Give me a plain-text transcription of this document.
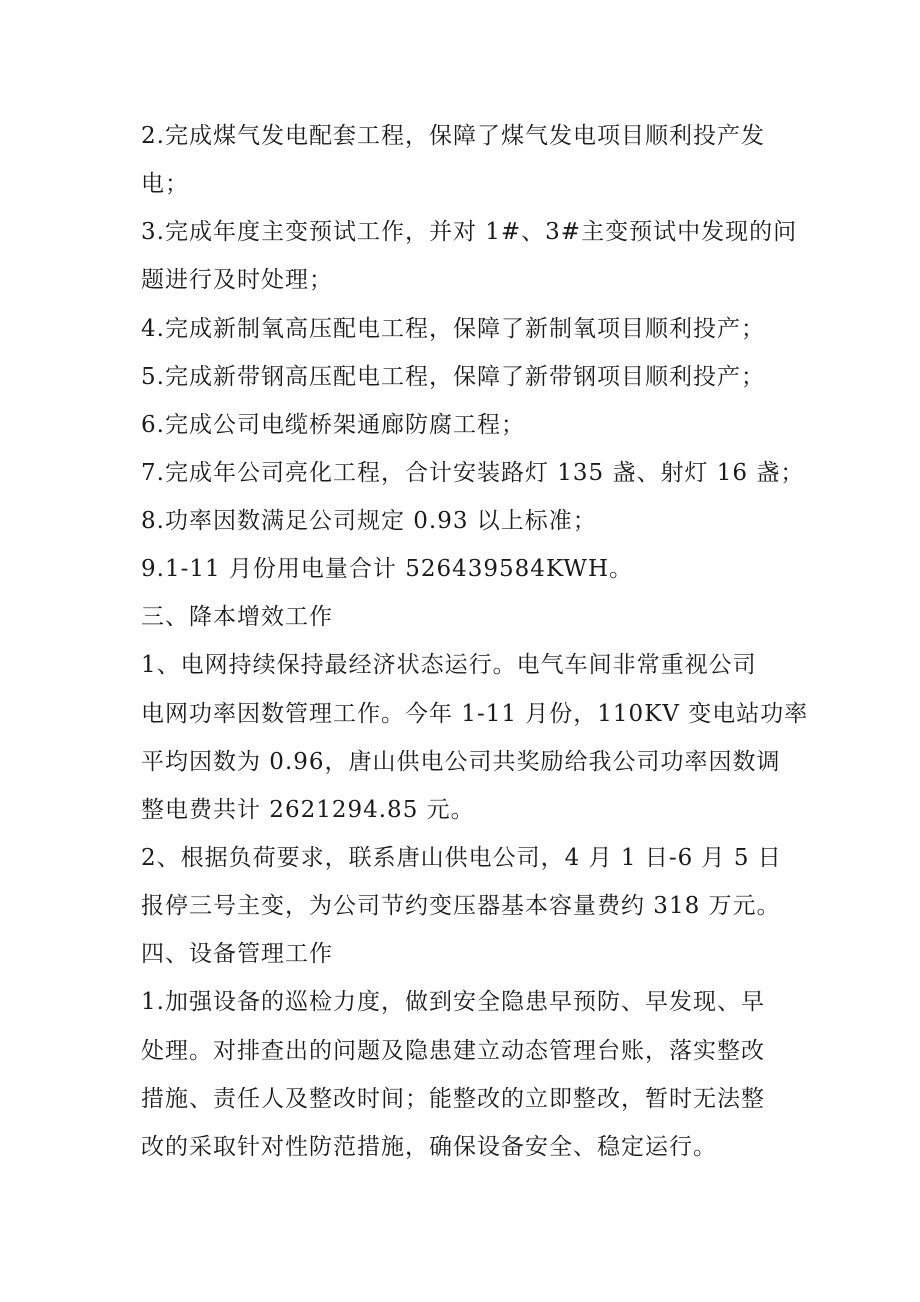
2.完成煤气发电配套工程，保障了煤气发电项目顺利投产发
电；
3.完成年度主变预试工作，并对 1#、3#主变预试中发现的问
题进行及时处理；
4.完成新制氧高压配电工程，保障了新制氧项目顺利投产；
5.完成新带钢高压配电工程，保障了新带钢项目顺利投产；
6.完成公司电缆桥架通廊防腐工程；
7.完成年公司亮化工程，合计安装路灯 135 盏、射灯 16 盏；
8.功率因数满足公司规定 0.93 以上标准；
9.1-11 月份用电量合计 526439584KWH。
三、降本增效工作
1、电网持续保持最经济状态运行。电气车间非常重视公司
电网功率因数管理工作。今年 1-11 月份，110KV 变电站功率
平均因数为 0.96，唐山供电公司共奖励给我公司功率因数调
整电费共计 2621294.85 元。
2、根据负荷要求，联系唐山供电公司，4 月 1 日-6 月 5 日
报停三号主变，为公司节约变压器基本容量费约 318 万元。
四、设备管理工作
1.加强设备的巡检力度，做到安全隐患早预防、早发现、早
处理。对排查出的问题及隐患建立动态管理台账，落实整改
措施、责任人及整改时间；能整改的立即整改，暂时无法整
改的采取针对性防范措施，确保设备安全、稳定运行。
